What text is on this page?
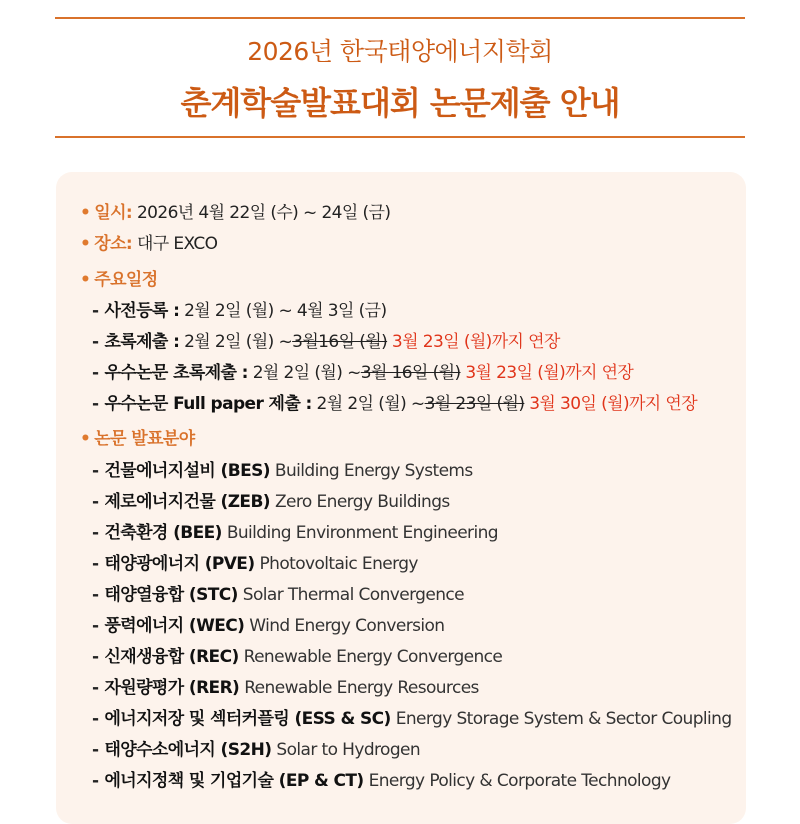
2026년 한국태양에너지학회
춘계학술발표대회 논문제출 안내
• 일시: 2026년 4월 22일 (수) ~ 24일 (금)
• 장소: 대구 EXCO
• 주요일정
- 사전등록 : 2월 2일 (월) ~ 4월 3일 (금)
- 초록제출 : 2월 2일 (월) ~3월16일 (월) 3월 23일 (월)까지 연장
- 우수논문 초록제출 : 2월 2일 (월) ~3월 16일 (월) 3월 23일 (월)까지 연장
- 우수논문 Full paper 제출 : 2월 2일 (월) ~3월 23일 (월) 3월 30일 (월)까지 연장
• 논문 발표분야
- 건물에너지설비 (BES) Building Energy Systems
- 제로에너지건물 (ZEB) Zero Energy Buildings
- 건축환경 (BEE) Building Environment Engineering
- 태양광에너지 (PVE) Photovoltaic Energy
- 태양열융합 (STC) Solar Thermal Convergence
- 풍력에너지 (WEC) Wind Energy Conversion
- 신재생융합 (REC) Renewable Energy Convergence
- 자원량평가 (RER) Renewable Energy Resources
- 에너지저장 및 섹터커플링 (ESS & SC) Energy Storage System & Sector Coupling
- 태양수소에너지 (S2H) Solar to Hydrogen
- 에너지정책 및 기업기술 (EP & CT) Energy Policy & Corporate Technology
